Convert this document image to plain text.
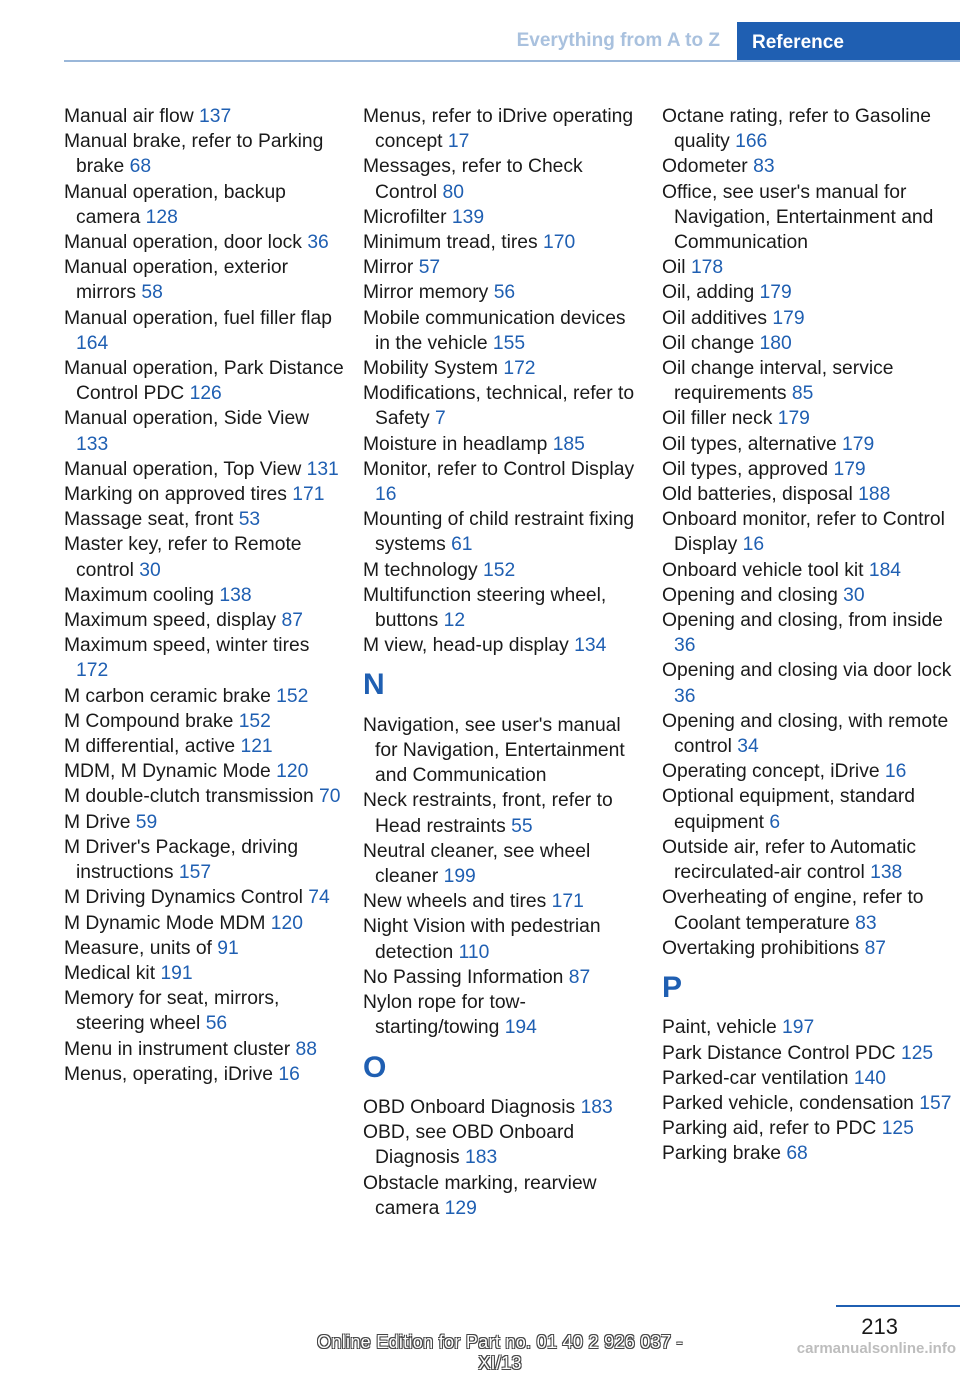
Everything from A to Z	Reference
Manual air flow 137
Manual brake, refer to Parking brake 68
Manual operation, backup camera 128
Manual operation, door lock 36
Manual operation, exterior mirrors 58
Manual operation, fuel filler flap 164
Manual operation, Park Distance Control PDC 126
Manual operation, Side View 133
Manual operation, Top View 131
Marking on approved tires 171
Massage seat, front 53
Master key, refer to Remote control 30
Maximum cooling 138
Maximum speed, display 87
Maximum speed, winter tires 172
M carbon ceramic brake 152
M Compound brake 152
M differential, active 121
MDM, M Dynamic Mode 120
M double-clutch transmission 70
M Drive 59
M Driver's Package, driving instructions 157
M Driving Dynamics Control 74
M Dynamic Mode MDM 120
Measure, units of 91
Medical kit 191
Memory for seat, mirrors, steering wheel 56
Menu in instrument cluster 88
Menus, operating, iDrive 16
Menus, refer to iDrive operating concept 17
Messages, refer to Check Control 80
Microfilter 139
Minimum tread, tires 170
Mirror 57
Mirror memory 56
Mobile communication devices in the vehicle 155
Mobility System 172
Modifications, technical, refer to Safety 7
Moisture in headlamp 185
Monitor, refer to Control Display 16
Mounting of child restraint fixing systems 61
M technology 152
Multifunction steering wheel, buttons 12
M view, head-up display 134
N
Navigation, see user's manual for Navigation, Entertainment and Communication
Neck restraints, front, refer to Head restraints 55
Neutral cleaner, see wheel cleaner 199
New wheels and tires 171
Night Vision with pedestrian detection 110
No Passing Information 87
Nylon rope for tow-starting/towing 194
O
OBD Onboard Diagnosis 183
OBD, see OBD Onboard Diagnosis 183
Obstacle marking, rearview camera 129
Octane rating, refer to Gasoline quality 166
Odometer 83
Office, see user's manual for Navigation, Entertainment and Communication
Oil 178
Oil, adding 179
Oil additives 179
Oil change 180
Oil change interval, service requirements 85
Oil filler neck 179
Oil types, alternative 179
Oil types, approved 179
Old batteries, disposal 188
Onboard monitor, refer to Control Display 16
Onboard vehicle tool kit 184
Opening and closing 30
Opening and closing, from inside 36
Opening and closing via door lock 36
Opening and closing, with remote control 34
Operating concept, iDrive 16
Optional equipment, standard equipment 6
Outside air, refer to Automatic recirculated-air control 138
Overheating of engine, refer to Coolant temperature 83
Overtaking prohibitions 87
P
Paint, vehicle 197
Park Distance Control PDC 125
Parked-car ventilation 140
Parked vehicle, condensation 157
Parking aid, refer to PDC 125
Parking brake 68
213
Online Edition for Part no. 01 40 2 926 037 - XI/13
carmanualsonline.info
